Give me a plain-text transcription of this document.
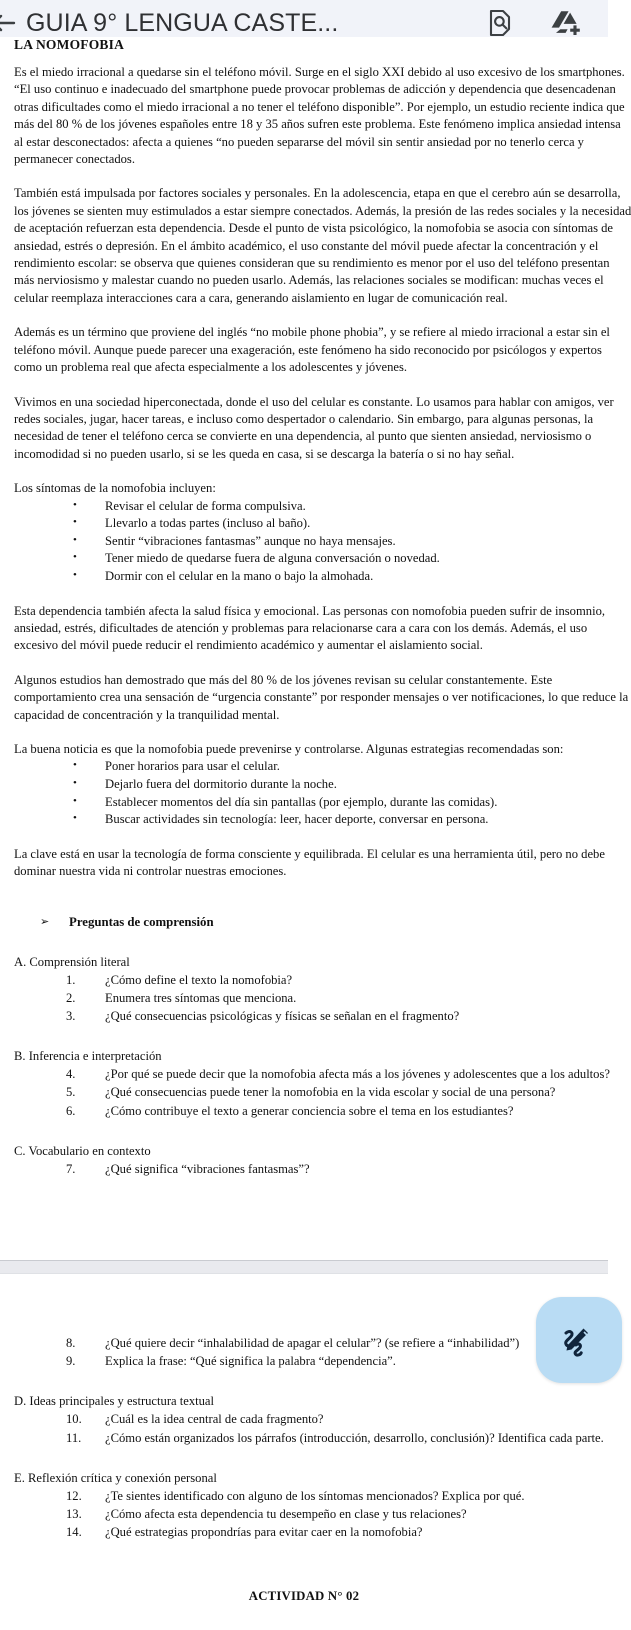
GUIA 9° LENGUA CASTE...
LA NOMOFOBIA
Es el miedo irracional a quedarse sin el teléfono móvil. Surge en el siglo XXI debido al uso excesivo de los smartphones.
“El uso continuo e inadecuado del smartphone puede provocar problemas de adicción y dependencia que desencadenan
otras dificultades como el miedo irracional a no tener el teléfono disponible”. Por ejemplo, un estudio reciente indica que
más del 80 % de los jóvenes españoles entre 18 y 35 años sufren este problema. Este fenómeno implica ansiedad intensa
al estar desconectados: afecta a quienes “no pueden separarse del móvil sin sentir ansiedad por no tenerlo cerca y
permanecer conectados.
También está impulsada por factores sociales y personales. En la adolescencia, etapa en que el cerebro aún se desarrolla,
los jóvenes se sienten muy estimulados a estar siempre conectados. Además, la presión de las redes sociales y la necesidad
de aceptación refuerzan esta dependencia. Desde el punto de vista psicológico, la nomofobia se asocia con síntomas de
ansiedad, estrés o depresión. En el ámbito académico, el uso constante del móvil puede afectar la concentración y el
rendimiento escolar: se observa que quienes consideran que su rendimiento es menor por el uso del teléfono presentan
más nerviosismo y malestar cuando no pueden usarlo. Además, las relaciones sociales se modifican: muchas veces el
celular reemplaza interacciones cara a cara, generando aislamiento en lugar de comunicación real.
Además es un término que proviene del inglés “no mobile phone phobia”, y se refiere al miedo irracional a estar sin el
teléfono móvil. Aunque puede parecer una exageración, este fenómeno ha sido reconocido por psicólogos y expertos
como un problema real que afecta especialmente a los adolescentes y jóvenes.
Vivimos en una sociedad hiperconectada, donde el uso del celular es constante. Lo usamos para hablar con amigos, ver
redes sociales, jugar, hacer tareas, e incluso como despertador o calendario. Sin embargo, para algunas personas, la
necesidad de tener el teléfono cerca se convierte en una dependencia, al punto que sienten ansiedad, nerviosismo o
incomodidad si no pueden usarlo, si se les queda en casa, si se descarga la batería o si no hay señal.
Los síntomas de la nomofobia incluyen:
• Revisar el celular de forma compulsiva.
• Llevarlo a todas partes (incluso al baño).
• Sentir “vibraciones fantasmas” aunque no haya mensajes.
• Tener miedo de quedarse fuera de alguna conversación o novedad.
• Dormir con el celular en la mano o bajo la almohada.
Esta dependencia también afecta la salud física y emocional. Las personas con nomofobia pueden sufrir de insomnio,
ansiedad, estrés, dificultades de atención y problemas para relacionarse cara a cara con los demás. Además, el uso
excesivo del móvil puede reducir el rendimiento académico y aumentar el aislamiento social.
Algunos estudios han demostrado que más del 80 % de los jóvenes revisan su celular constantemente. Este
comportamiento crea una sensación de “urgencia constante” por responder mensajes o ver notificaciones, lo que reduce la
capacidad de concentración y la tranquilidad mental.
La buena noticia es que la nomofobia puede prevenirse y controlarse. Algunas estrategias recomendadas son:
• Poner horarios para usar el celular.
• Dejarlo fuera del dormitorio durante la noche.
• Establecer momentos del día sin pantallas (por ejemplo, durante las comidas).
• Buscar actividades sin tecnología: leer, hacer deporte, conversar en persona.
La clave está en usar la tecnología de forma consciente y equilibrada. El celular es una herramienta útil, pero no debe
dominar nuestra vida ni controlar nuestras emociones.
➢ Preguntas de comprensión
A. Comprensión literal
1.	¿Cómo define el texto la nomofobia?
2.	Enumera tres síntomas que menciona.
3.	¿Qué consecuencias psicológicas y físicas se señalan en el fragmento?
B. Inferencia e interpretación
4.	¿Por qué se puede decir que la nomofobia afecta más a los jóvenes y adolescentes que a los adultos?
5.	¿Qué consecuencias puede tener la nomofobia en la vida escolar y social de una persona?
6.	¿Cómo contribuye el texto a generar conciencia sobre el tema en los estudiantes?
C. Vocabulario en contexto
7.	¿Qué significa “vibraciones fantasmas”?
8.	¿Qué quiere decir “inhalabilidad de apagar el celular”? (se refiere a “inhabilidad”)
9.	Explica la frase: “Qué significa la palabra “dependencia”.
D. Ideas principales y estructura textual
10.	¿Cuál es la idea central de cada fragmento?
11.	¿Cómo están organizados los párrafos (introducción, desarrollo, conclusión)? Identifica cada parte.
E. Reflexión crítica y conexión personal
12.	¿Te sientes identificado con alguno de los síntomas mencionados? Explica por qué.
13.	¿Cómo afecta esta dependencia tu desempeño en clase y tus relaciones?
14.	¿Qué estrategias propondrías para evitar caer en la nomofobia?
ACTIVIDAD N° 02
